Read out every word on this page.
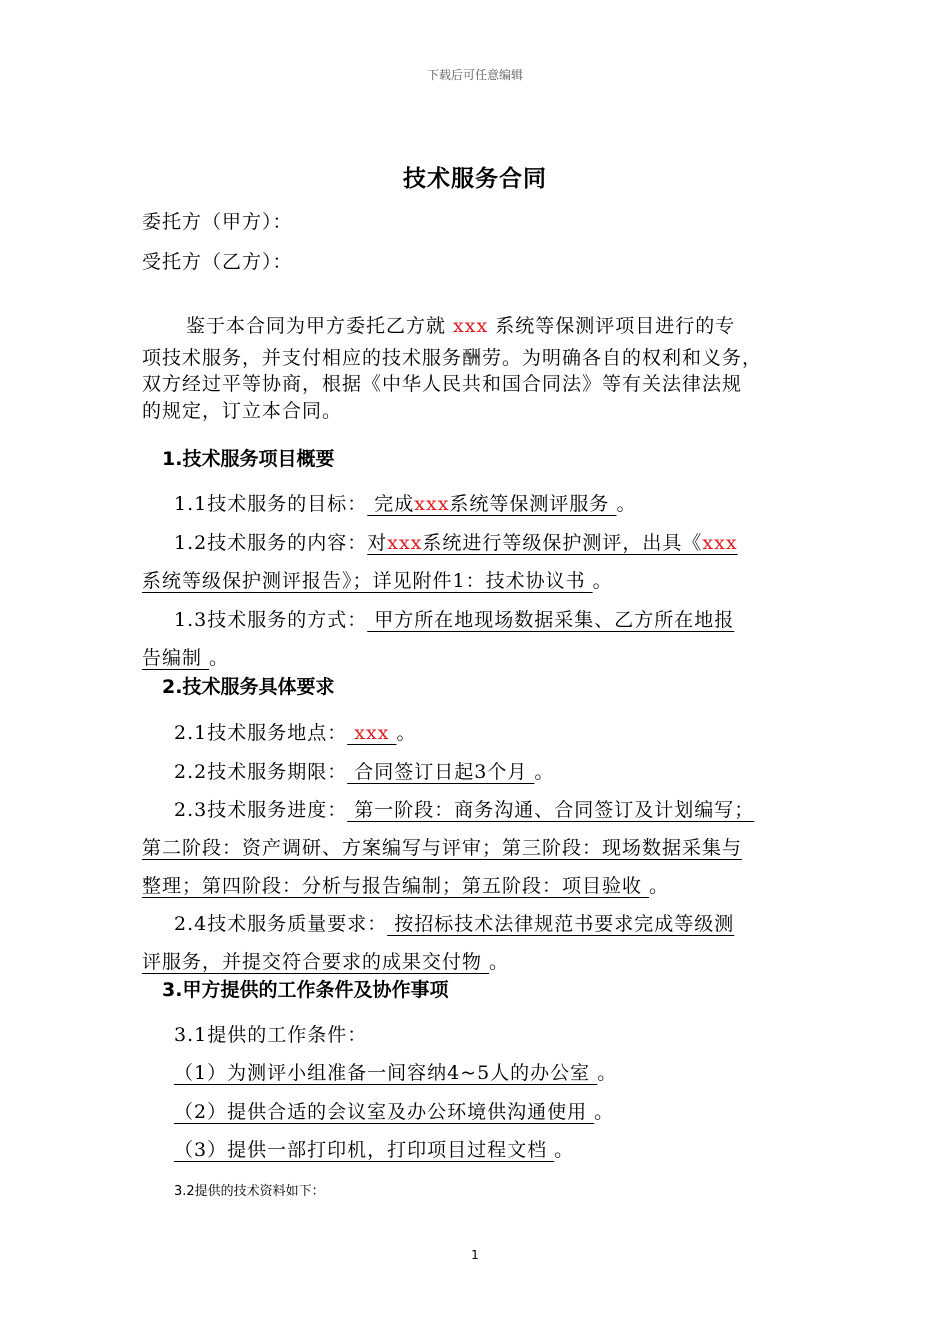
下载后可任意编辑
技术服务合同
委托方（甲方）：
受托方（乙方）：
鉴于本合同为甲方委托乙方就 xxx 系统等保测评项目进行的专
项技术服务，并支付相应的技术服务酬劳。为明确各自的权利和义务，
双方经过平等协商，根据《中华人民共和国合同法》等有关法律法规
的规定，订立本合同。
1.技术服务项目概要
1.1技术服务的目标： 完成xxx系统等保测评服务 。
1.2技术服务的内容：对xxx系统进行等级保护测评，出具《xxx
系统等级保护测评报告》；详见附件1：技术协议书 。
1.3技术服务的方式： 甲方所在地现场数据采集、乙方所在地报
告编制 。
2.技术服务具体要求
2.1技术服务地点： xxx 。
2.2技术服务期限： 合同签订日起3个月 。
2.3技术服务进度： 第一阶段：商务沟通、合同签订及计划编写；
第二阶段：资产调研、方案编写与评审；第三阶段：现场数据采集与
整理；第四阶段：分析与报告编制；第五阶段：项目验收 。
2.4技术服务质量要求： 按招标技术法律规范书要求完成等级测
评服务，并提交符合要求的成果交付物 。
3.甲方提供的工作条件及协作事项
3.1提供的工作条件：
（1）为测评小组准备一间容纳4~5人的办公室 。
（2）提供合适的会议室及办公环境供沟通使用 。
（3）提供一部打印机，打印项目过程文档 。
3.2提供的技术资料如下：
1
